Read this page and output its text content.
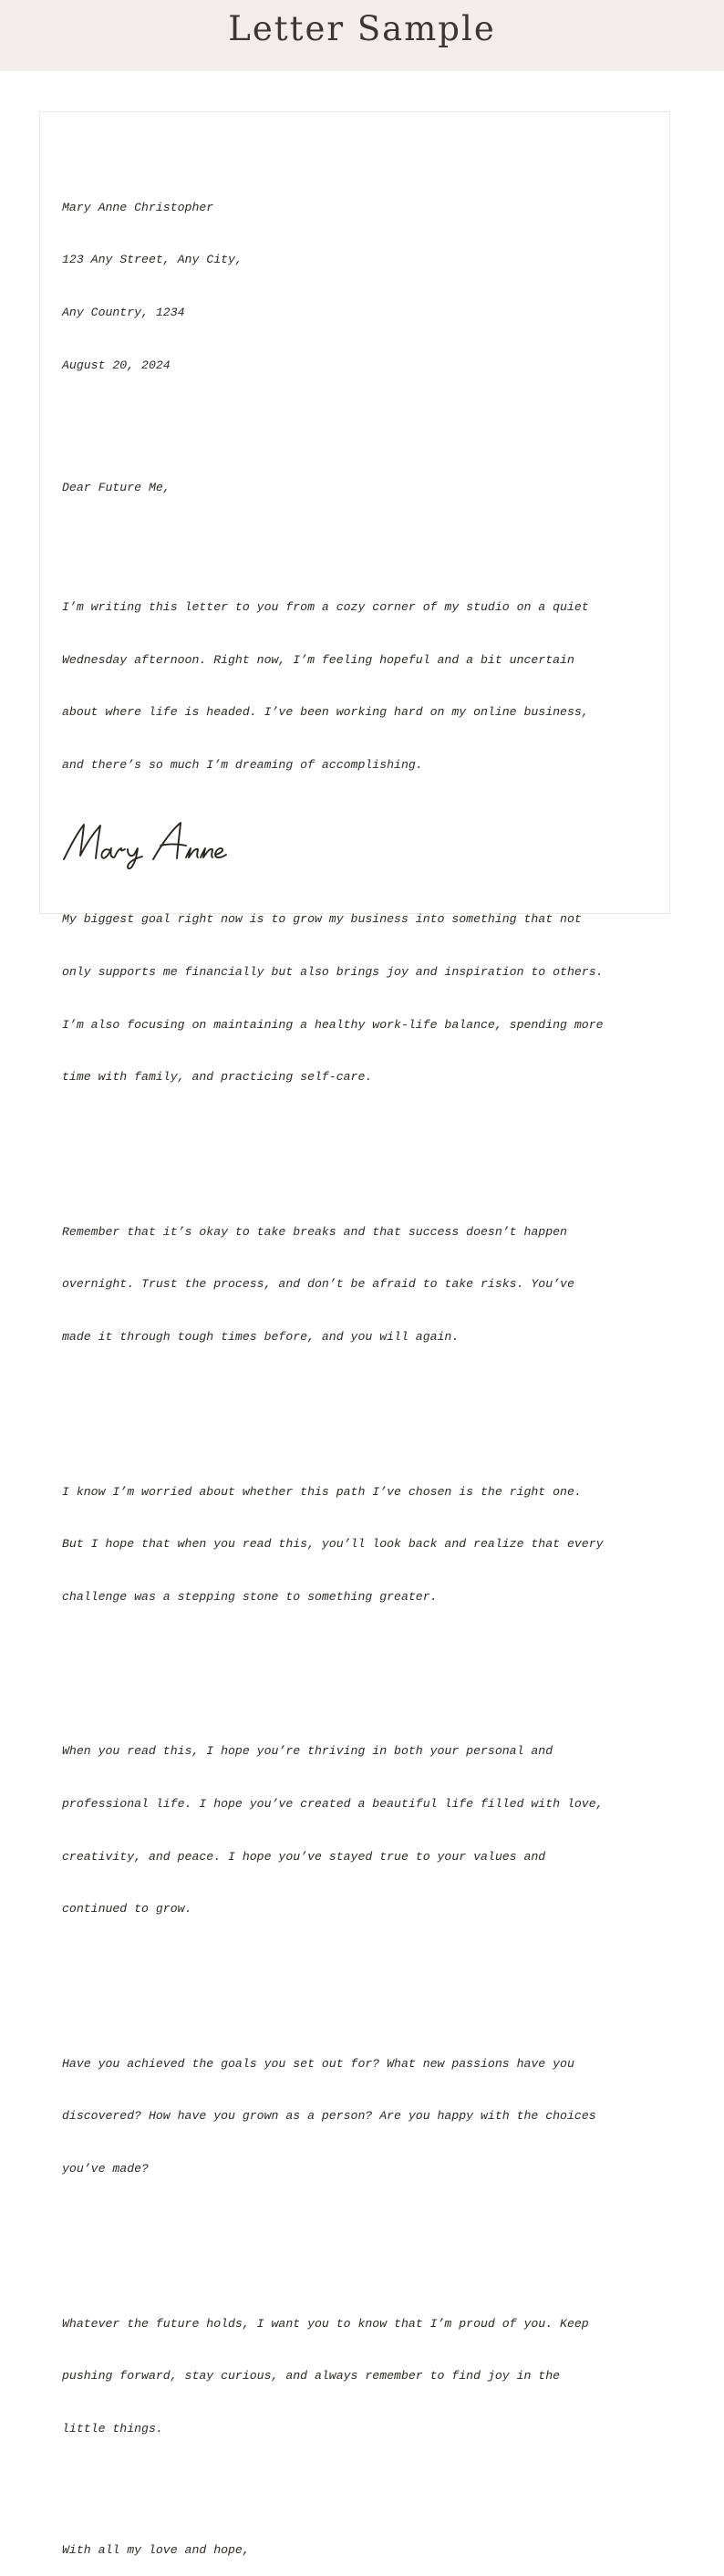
Letter Sample

Mary Anne Christopher

123 Any Street, Any City,

Any Country, 1234

August 20, 2024

Dear Future Me,

I’m writing this letter to you from a cozy corner of my studio on a quiet

Wednesday afternoon. Right now, I’m feeling hopeful and a bit uncertain

about where life is headed. I’ve been working hard on my online business,

and there’s so much I’m dreaming of accomplishing.

My biggest goal right now is to grow my business into something that not

only supports me financially but also brings joy and inspiration to others.

I’m also focusing on maintaining a healthy work-life balance, spending more

time with family, and practicing self-care.

Remember that it’s okay to take breaks and that success doesn’t happen

overnight. Trust the process, and don’t be afraid to take risks. You’ve

made it through tough times before, and you will again.

I know I’m worried about whether this path I’ve chosen is the right one.

But I hope that when you read this, you’ll look back and realize that every

challenge was a stepping stone to something greater.

When you read this, I hope you’re thriving in both your personal and

professional life. I hope you’ve created a beautiful life filled with love,

creativity, and peace. I hope you’ve stayed true to your values and

continued to grow.

Have you achieved the goals you set out for? What new passions have you

discovered? How have you grown as a person? Are you happy with the choices

you’ve made?

Whatever the future holds, I want you to know that I’m proud of you. Keep

pushing forward, stay curious, and always remember to find joy in the

little things.

With all my love and hope,
